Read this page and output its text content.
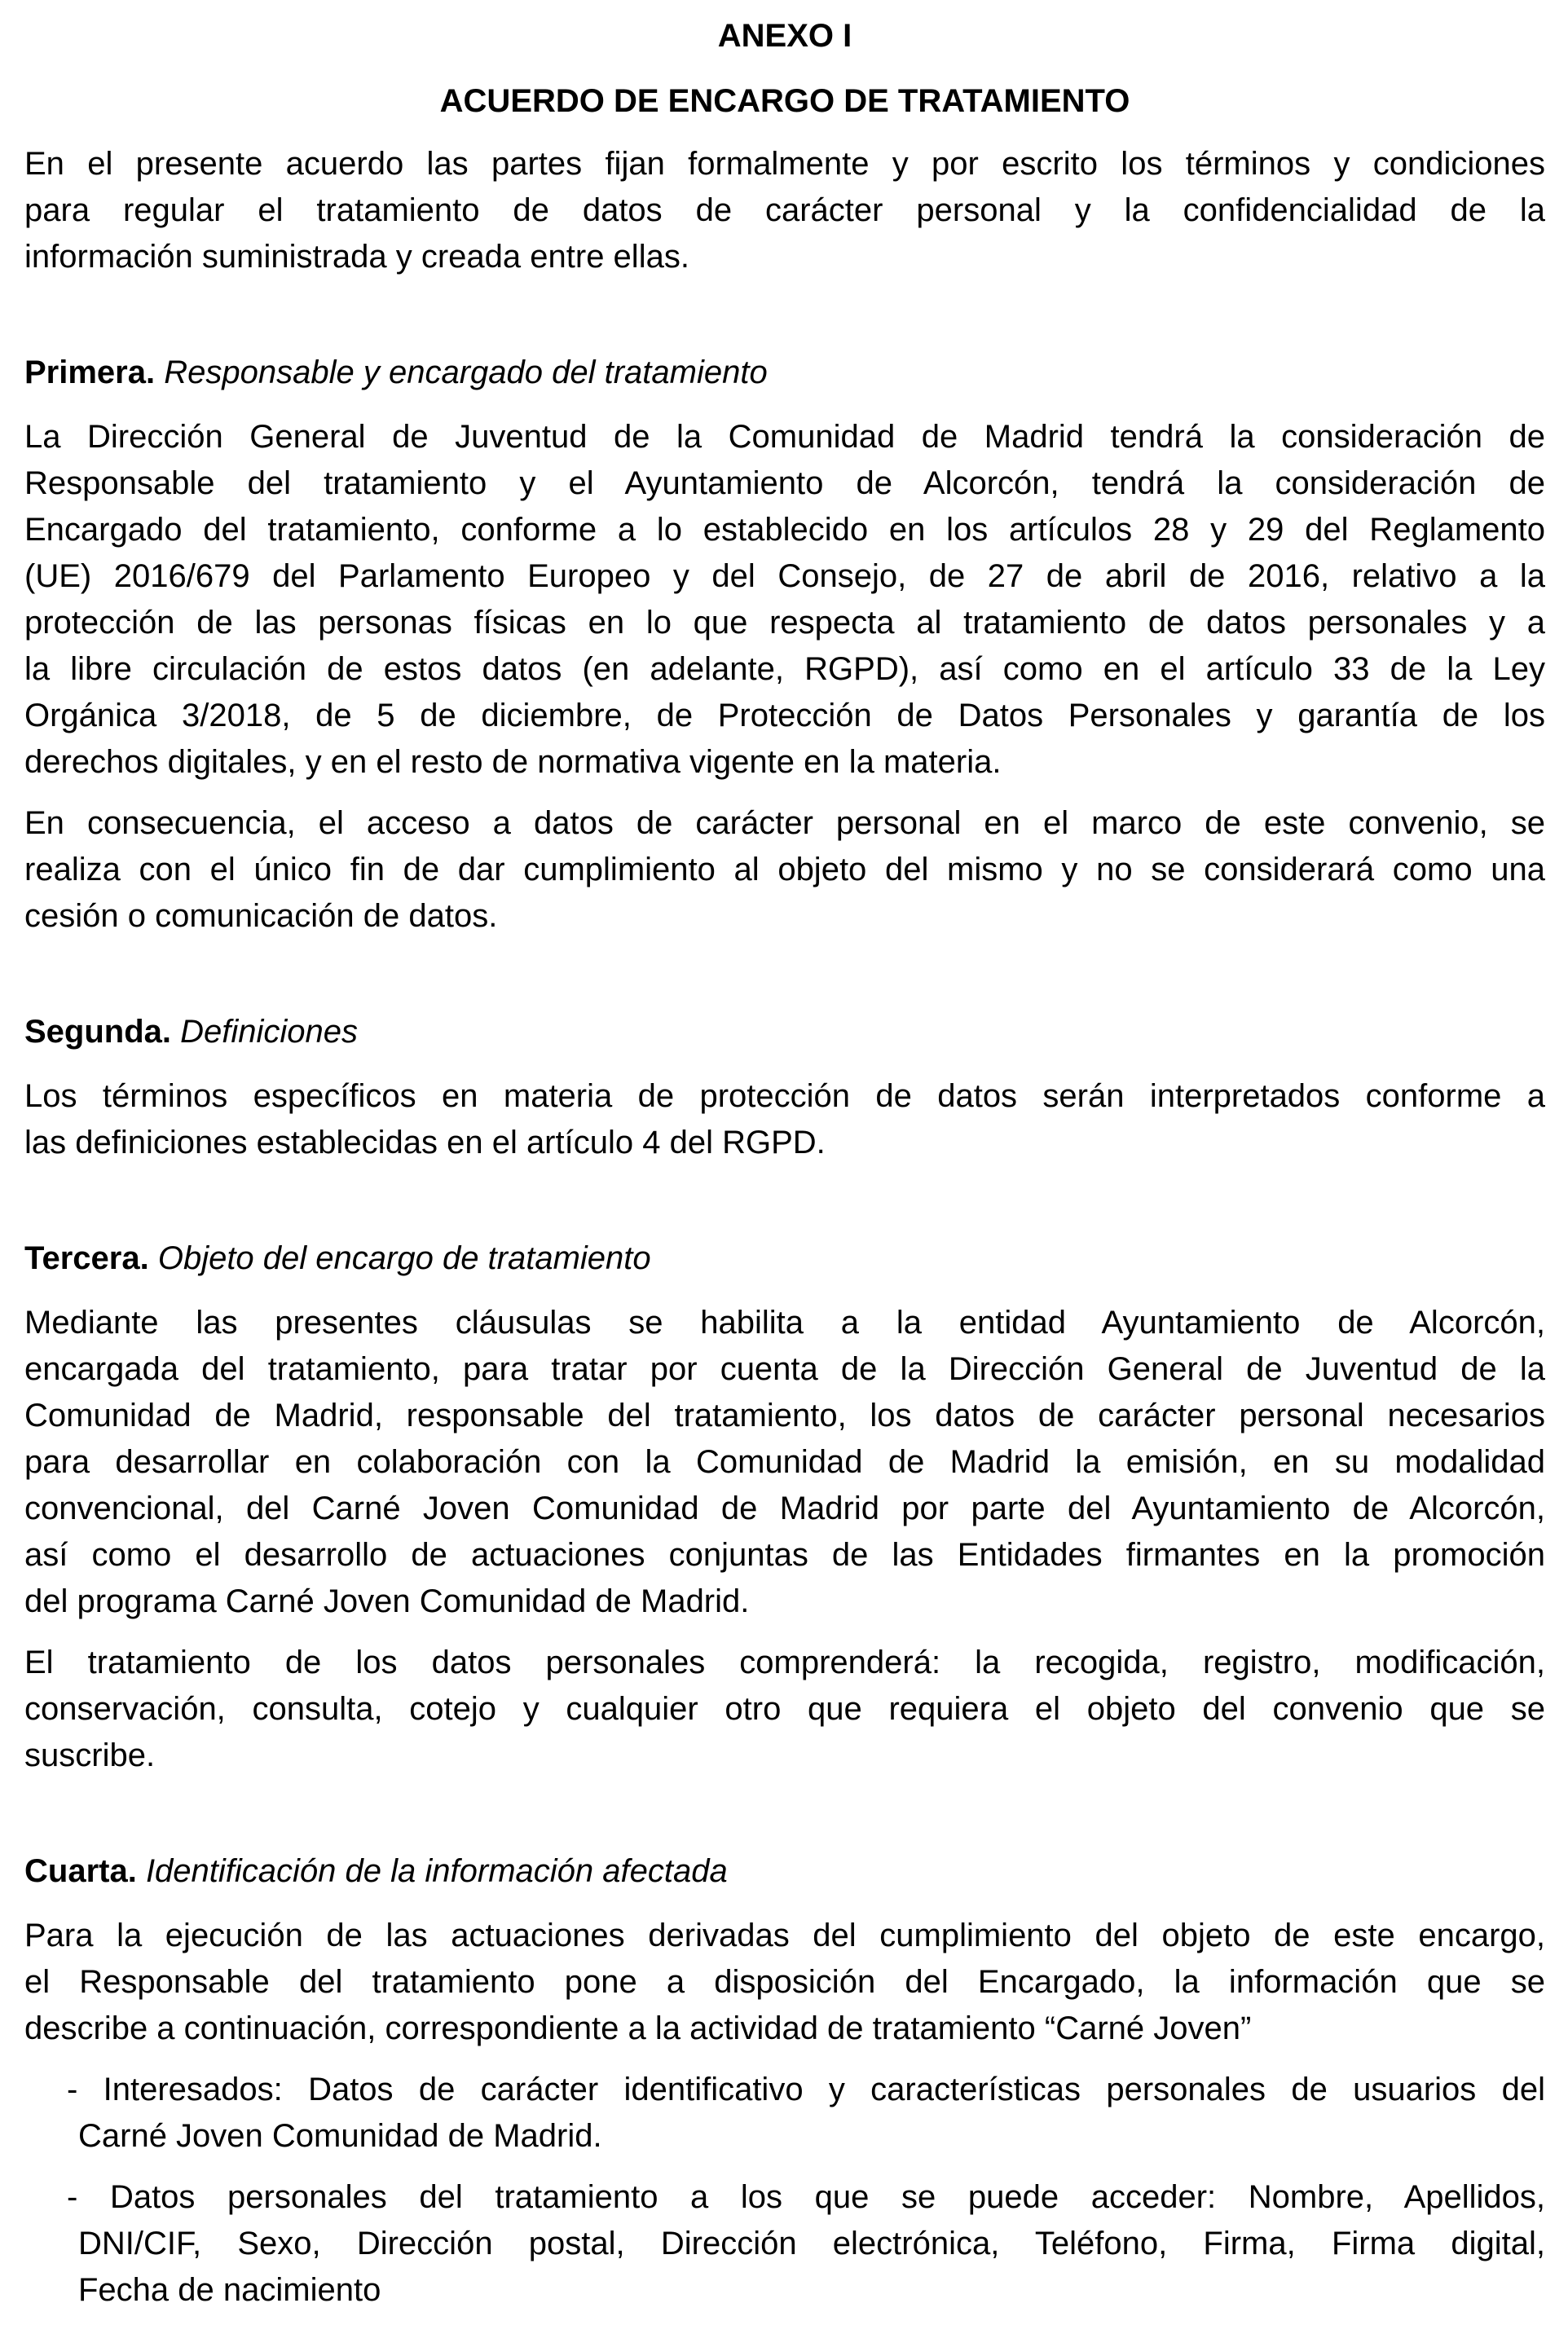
ANEXO I
ACUERDO DE ENCARGO DE TRATAMIENTO
En el presente acuerdo las partes fijan formalmente y por escrito los términos y condiciones
para regular el tratamiento de datos de carácter personal y la confidencialidad de la
información suministrada y creada entre ellas.
Primera. Responsable y encargado del tratamiento
La Dirección General de Juventud de la Comunidad de Madrid tendrá la consideración de
Responsable del tratamiento y el Ayuntamiento de Alcorcón, tendrá la consideración de
Encargado del tratamiento, conforme a lo establecido en los artículos 28 y 29 del Reglamento
(UE) 2016/679 del Parlamento Europeo y del Consejo, de 27 de abril de 2016, relativo a la
protección de las personas físicas en lo que respecta al tratamiento de datos personales y a
la libre circulación de estos datos (en adelante, RGPD), así como en el artículo 33 de la Ley
Orgánica 3/2018, de 5 de diciembre, de Protección de Datos Personales y garantía de los
derechos digitales, y en el resto de normativa vigente en la materia.
En consecuencia, el acceso a datos de carácter personal en el marco de este convenio, se
realiza con el único fin de dar cumplimiento al objeto del mismo y no se considerará como una
cesión o comunicación de datos.
Segunda. Definiciones
Los términos específicos en materia de protección de datos serán interpretados conforme a
las definiciones establecidas en el artículo 4 del RGPD.
Tercera. Objeto del encargo de tratamiento
Mediante las presentes cláusulas se habilita a la entidad Ayuntamiento de Alcorcón,
encargada del tratamiento, para tratar por cuenta de la Dirección General de Juventud de la
Comunidad de Madrid, responsable del tratamiento, los datos de carácter personal necesarios
para desarrollar en colaboración con la Comunidad de Madrid la emisión, en su modalidad
convencional, del Carné Joven Comunidad de Madrid por parte del Ayuntamiento de Alcorcón,
así como el desarrollo de actuaciones conjuntas de las Entidades firmantes en la promoción
del programa Carné Joven Comunidad de Madrid.
El tratamiento de los datos personales comprenderá: la recogida, registro, modificación,
conservación, consulta, cotejo y cualquier otro que requiera el objeto del convenio que se
suscribe.
Cuarta. Identificación de la información afectada
Para la ejecución de las actuaciones derivadas del cumplimiento del objeto de este encargo,
el Responsable del tratamiento pone a disposición del Encargado, la información que se
describe a continuación, correspondiente a la actividad de tratamiento “Carné Joven”
- Interesados: Datos de carácter identificativo y características personales de usuarios del
Carné Joven Comunidad de Madrid.
- Datos personales del tratamiento a los que se puede acceder: Nombre, Apellidos,
DNI/CIF, Sexo, Dirección postal, Dirección electrónica, Teléfono, Firma, Firma digital,
Fecha de nacimiento
